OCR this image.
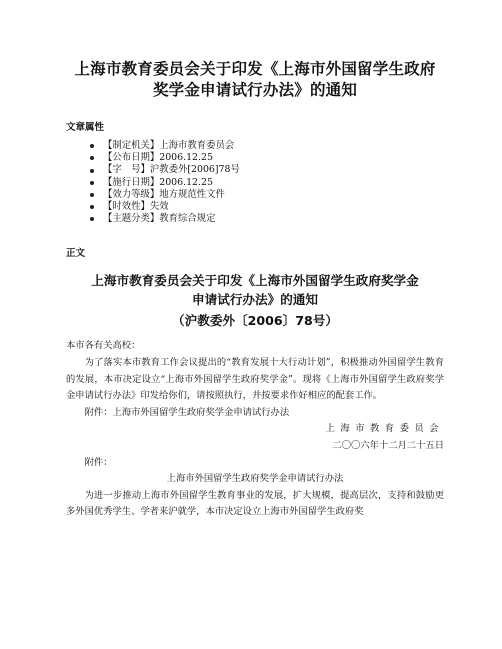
上海市教育委员会关于印发《上海市外国留学生政府
奖学金申请试行办法》的通知
文章属性
【制定机关】上海市教育委员会
【公布日期】2006.12.25
【字　号】沪教委外[2006]78号
【施行日期】2006.12.25
【效力等级】地方规范性文件
【时效性】失效
【主题分类】教育综合规定
正文
上海市教育委员会关于印发《上海市外国留学生政府奖学金
申请试行办法》的通知
（沪教委外〔2006〕78号）

本市各有关高校：

为了落实本市教育工作会议提出的“教育发展十大行动计划”，积极推动外国留学生教育的发展，本市决定设立“上海市外国留学生政府奖学金”。现将《上海市外国留学生政府奖学金申请试行办法》印发给你们，请按照执行，并按要求作好相应的配套工作。

附件：上海市外国留学生政府奖学金申请试行办法

上海市教育委员会

二〇〇六年十二月二十五日

附件：

上海市外国留学生政府奖学金申请试行办法

为进一步推动上海市外国留学生教育事业的发展，扩大规模，提高层次，支持和鼓励更多外国优秀学生、学者来沪就学，本市决定设立上海市外国留学生政府奖
